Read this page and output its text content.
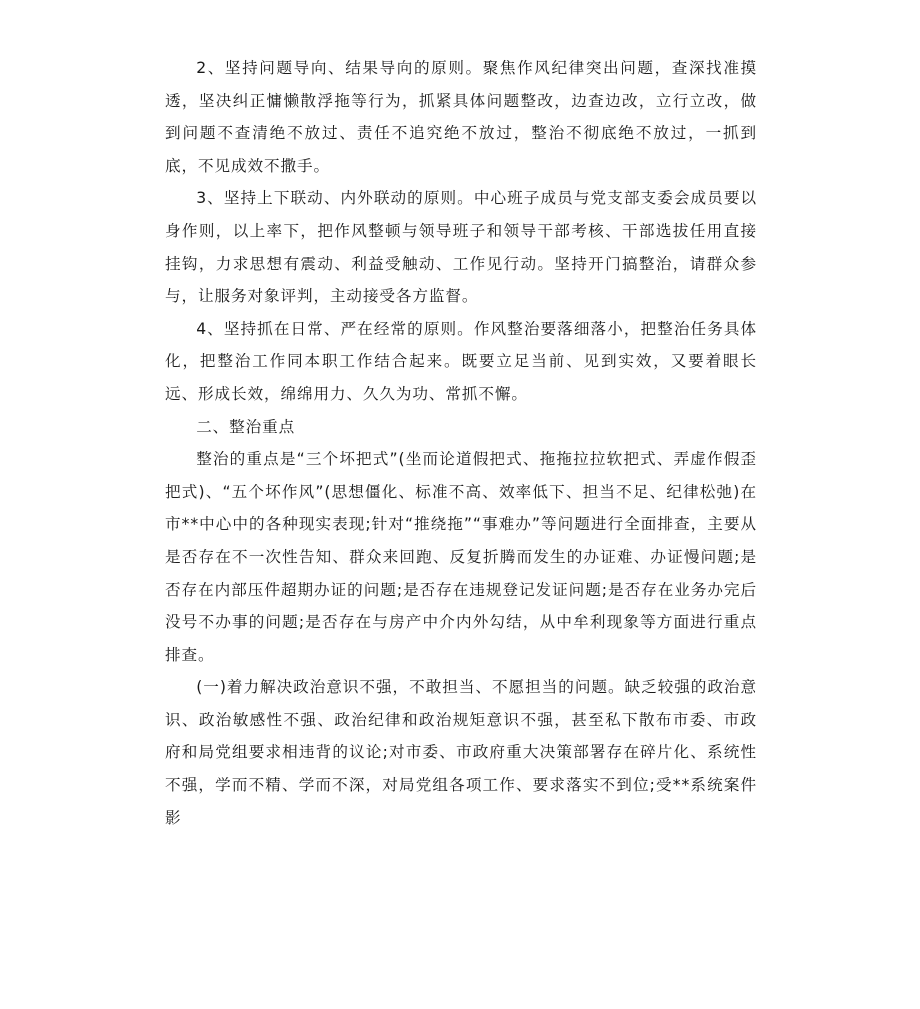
2、坚持问题导向、结果导向的原则。聚焦作风纪律突出问题，查深找准摸透，坚决纠正慵懒散浮拖等行为，抓紧具体问题整改，边查边改，立行立改，做到问题不查清绝不放过、责任不追究绝不放过，整治不彻底绝不放过，一抓到底，不见成效不撒手。

3、坚持上下联动、内外联动的原则。中心班子成员与党支部支委会成员要以身作则，以上率下，把作风整顿与领导班子和领导干部考核、干部选拔任用直接挂钩，力求思想有震动、利益受触动、工作见行动。坚持开门搞整治，请群众参与，让服务对象评判，主动接受各方监督。

4、坚持抓在日常、严在经常的原则。作风整治要落细落小，把整治任务具体化，把整治工作同本职工作结合起来。既要立足当前、见到实效，又要着眼长远、形成长效，绵绵用力、久久为功、常抓不懈。

二、整治重点

整治的重点是“三个坏把式”(坐而论道假把式、拖拖拉拉软把式、弄虚作假歪把式)、“五个坏作风”(思想僵化、标准不高、效率低下、担当不足、纪律松弛)在市**中心中的各种现实表现;针对“推绕拖”“事难办”等问题进行全面排查，主要从是否存在不一次性告知、群众来回跑、反复折腾而发生的办证难、办证慢问题;是否存在内部压件超期办证的问题;是否存在违规登记发证问题;是否存在业务办完后没号不办事的问题;是否存在与房产中介内外勾结，从中牟利现象等方面进行重点排查。

(一)着力解决政治意识不强，不敢担当、不愿担当的问题。缺乏较强的政治意识、政治敏感性不强、政治纪律和政治规矩意识不强，甚至私下散布市委、市政府和局党组要求相违背的议论;对市委、市政府重大决策部署存在碎片化、系统性不强，学而不精、学而不深，对局党组各项工作、要求落实不到位;受**系统案件影
